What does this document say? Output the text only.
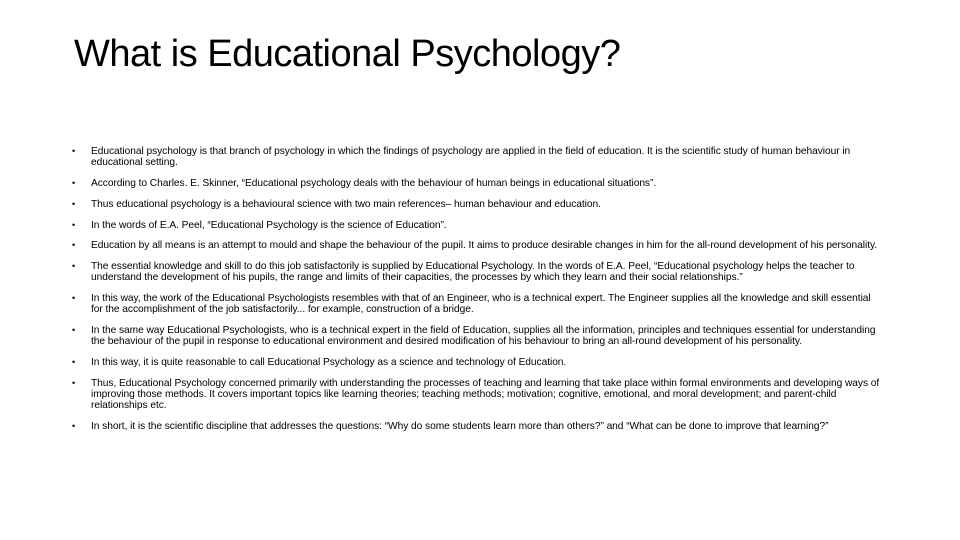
What is Educational Psychology?
• Educational psychology is that branch of psychology in which the findings of psychology are applied in the field of education. It is the scientific study of human behaviour in educational setting.
• According to Charles. E. Skinner, “Educational psychology deals with the behaviour of human beings in educational situations”.
• Thus educational psychology is a behavioural science with two main references– human behaviour and education.
• In the words of E.A. Peel, “Educational Psychology is the science of Education”.
• Education by all means is an attempt to mould and shape the behaviour of the pupil. It aims to produce desirable changes in him for the all-round development of his personality.
• The essential knowledge and skill to do this job satisfactorily is supplied by Educational Psychology. In the words of E.A. Peel, “Educational psychology helps the teacher to understand the development of his pupils, the range and limits of their capacities, the processes by which they learn and their social relationships.”
• In this way, the work of the Educational Psychologists resembles with that of an Engineer, who is a technical expert. The Engineer supplies all the knowledge and skill essential for the accomplishment of the job satisfactorily... for example, construction of a bridge.
• In the same way Educational Psychologists, who is a technical expert in the field of Education, supplies all the information, principles and techniques essential for understanding the behaviour of the pupil in response to educational environment and desired modification of his behaviour to bring an all-round development of his personality.
• In this way, it is quite reasonable to call Educational Psychology as a science and technology of Education.
• Thus, Educational Psychology concerned primarily with understanding the processes of teaching and learning that take place within formal environments and developing ways of improving those methods. It covers important topics like learning theories; teaching methods; motivation; cognitive, emotional, and moral development; and parent-child relationships etc.
• In short, it is the scientific discipline that addresses the questions: “Why do some students learn more than others?” and “What can be done to improve that learning?”
